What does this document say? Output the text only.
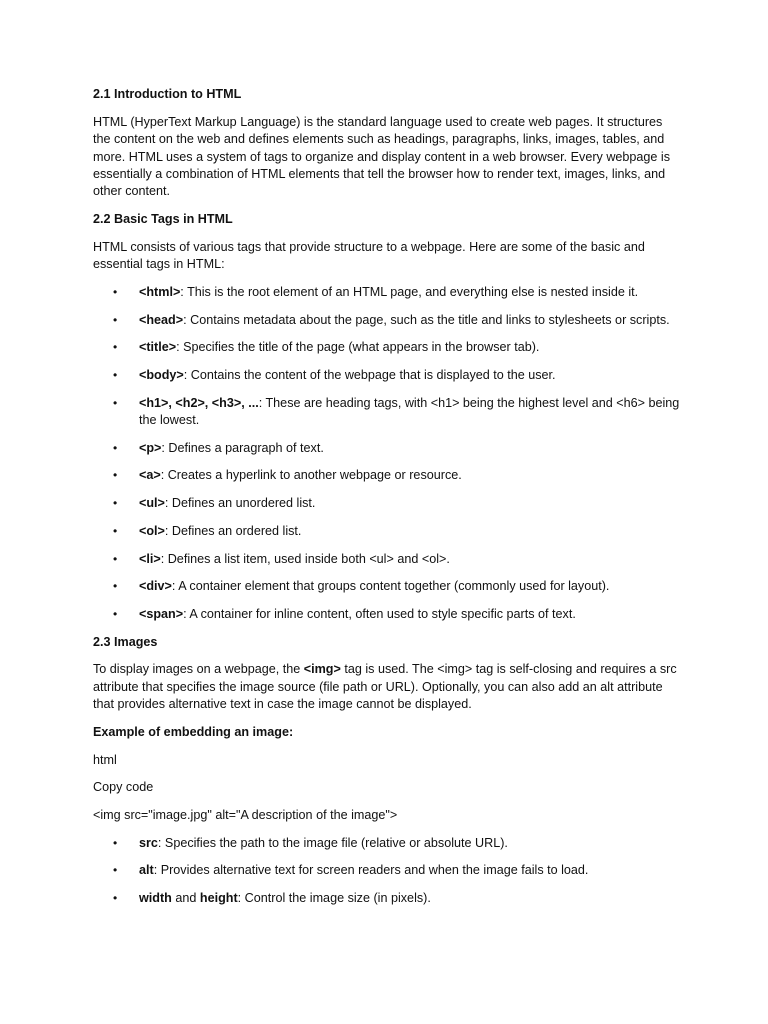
2.1 Introduction to HTML
HTML (HyperText Markup Language) is the standard language used to create web pages. It structures the content on the web and defines elements such as headings, paragraphs, links, images, tables, and more. HTML uses a system of tags to organize and display content in a web browser. Every webpage is essentially a combination of HTML elements that tell the browser how to render text, images, links, and other content.
2.2 Basic Tags in HTML
HTML consists of various tags that provide structure to a webpage. Here are some of the basic and essential tags in HTML:
• <html>: This is the root element of an HTML page, and everything else is nested inside it.
• <head>: Contains metadata about the page, such as the title and links to stylesheets or scripts.
• <title>: Specifies the title of the page (what appears in the browser tab).
• <body>: Contains the content of the webpage that is displayed to the user.
• <h1>, <h2>, <h3>, ...: These are heading tags, with <h1> being the highest level and <h6> being the lowest.
• <p>: Defines a paragraph of text.
• <a>: Creates a hyperlink to another webpage or resource.
• <ul>: Defines an unordered list.
• <ol>: Defines an ordered list.
• <li>: Defines a list item, used inside both <ul> and <ol>.
• <div>: A container element that groups content together (commonly used for layout).
• <span>: A container for inline content, often used to style specific parts of text.
2.3 Images
To display images on a webpage, the <img> tag is used. The <img> tag is self-closing and requires a src attribute that specifies the image source (file path or URL). Optionally, you can also add an alt attribute that provides alternative text in case the image cannot be displayed.
Example of embedding an image:
html
Copy code
<img src="image.jpg" alt="A description of the image">
• src: Specifies the path to the image file (relative or absolute URL).
• alt: Provides alternative text for screen readers and when the image fails to load.
• width and height: Control the image size (in pixels).
